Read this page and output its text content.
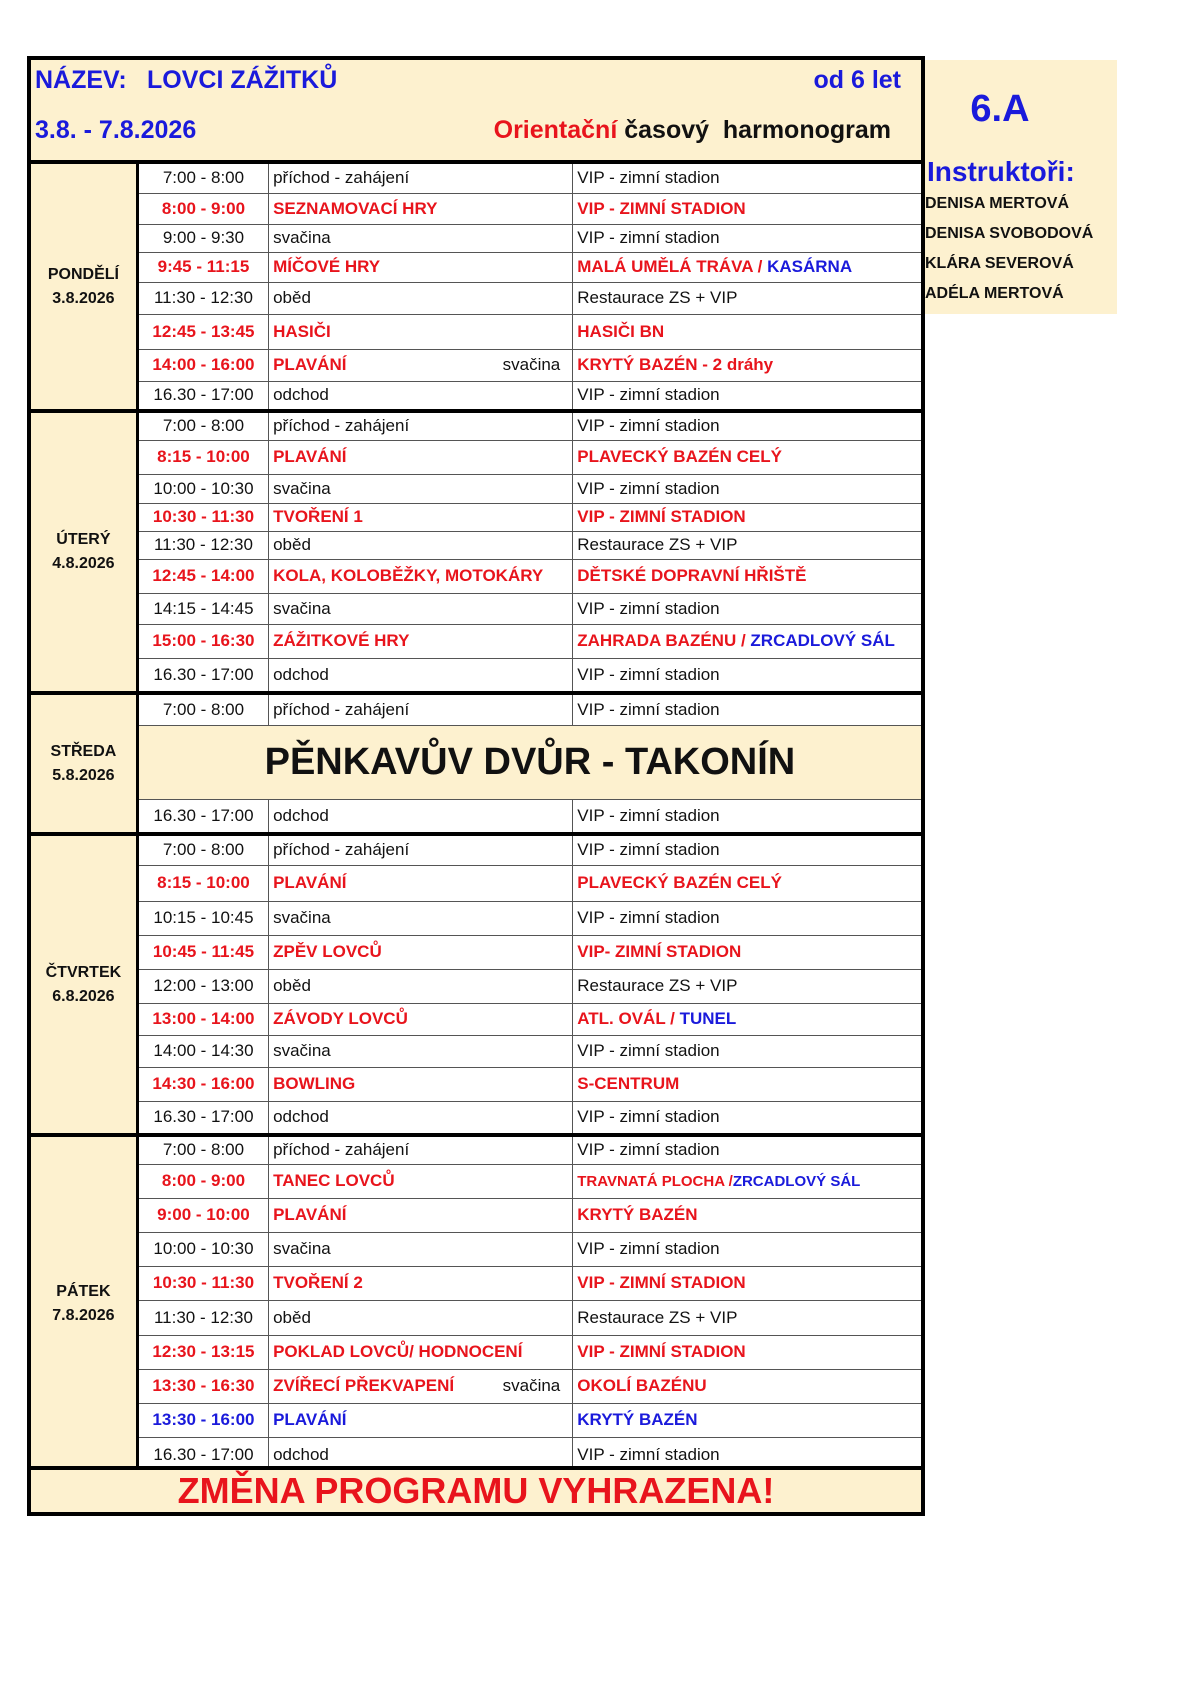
NÁZEV: LOVCI ZÁŽITKŮ	od 6 let
3.8. - 7.8.2026	Orientační časový  harmonogram	6.A
Instruktoři:
DENISA MERTOVÁ
DENISA SVOBODOVÁ
KLÁRA SEVEROVÁ
ADÉLA MERTOVÁ
PONDĚLÍ
3.8.2026	7:00 - 8:00	příchod - zahájení	VIP - zimní stadion
	8:00 - 9:00	SEZNAMOVACÍ HRY	VIP - ZIMNÍ STADION
	9:00 - 9:30	svačina	VIP - zimní stadion
	9:45 - 11:15	MÍČOVÉ HRY	MALÁ UMĚLÁ TRÁVA / KASÁRNA
	11:30 - 12:30	oběd	Restaurace ZS + VIP
	12:45 - 13:45	HASIČI	HASIČI BN
	14:00 - 16:00	PLAVÁNÍ svačina	KRYTÝ BAZÉN - 2 dráhy
	16.30 - 17:00	odchod	VIP - zimní stadion

ÚTERÝ
4.8.2026	7:00 - 8:00	příchod - zahájení	VIP - zimní stadion
	8:15 - 10:00	PLAVÁNÍ	PLAVECKÝ BAZÉN CELÝ
	10:00 - 10:30	svačina	VIP - zimní stadion
	10:30 - 11:30	TVOŘENÍ 1	VIP - ZIMNÍ STADION
	11:30 - 12:30	oběd	Restaurace ZS + VIP
	12:45 - 14:00	KOLA, KOLOBĚŽKY, MOTOKÁRY	DĚTSKÉ DOPRAVNÍ HŘIŠTĚ
	14:15 - 14:45	svačina	VIP - zimní stadion
	15:00 - 16:30	ZÁŽITKOVÉ HRY	ZAHRADA BAZÉNU / ZRCADLOVÝ SÁL
	16.30 - 17:00	odchod	VIP - zimní stadion

STŘEDA
5.8.2026	7:00 - 8:00	příchod - zahájení	VIP - zimní stadion
	PĚNKAVŮV DVŮR - TAKONÍN		
	16.30 - 17:00	odchod	VIP - zimní stadion

ČTVRTEK
6.8.2026	7:00 - 8:00	příchod - zahájení	VIP - zimní stadion
	8:15 - 10:00	PLAVÁNÍ	PLAVECKÝ BAZÉN CELÝ
	10:15 - 10:45	svačina	VIP - zimní stadion
	10:45 - 11:45	ZPĚV LOVCŮ	VIP- ZIMNÍ STADION
	12:00 - 13:00	oběd	Restaurace ZS + VIP
	13:00 - 14:00	ZÁVODY LOVCŮ	ATL. OVÁL / TUNEL
	14:00 - 14:30	svačina	VIP - zimní stadion
	14:30 - 16:00	BOWLING	S-CENTRUM
	16.30 - 17:00	odchod	VIP - zimní stadion

PÁTEK
7.8.2026	7:00 - 8:00	příchod - zahájení	VIP - zimní stadion
	8:00 - 9:00	TANEC LOVCŮ	TRAVNATÁ PLOCHA /ZRCADLOVÝ SÁL
	9:00 - 10:00	PLAVÁNÍ	KRYTÝ BAZÉN
	10:00 - 10:30	svačina	VIP - zimní stadion
	10:30 - 11:30	TVOŘENÍ 2	VIP - ZIMNÍ STADION
	11:30 - 12:30	oběd	Restaurace ZS + VIP
	12:30 - 13:15	POKLAD LOVCŮ/ HODNOCENÍ	VIP - ZIMNÍ STADION
	13:30 - 16:30	ZVÍŘECÍ PŘEKVAPENÍ svačina	OKOLÍ BAZÉNU
	13:30 - 16:00	PLAVÁNÍ	KRYTÝ BAZÉN
	16.30 - 17:00	odchod	VIP - zimní stadion
ZMĚNA PROGRAMU VYHRAZENA!
